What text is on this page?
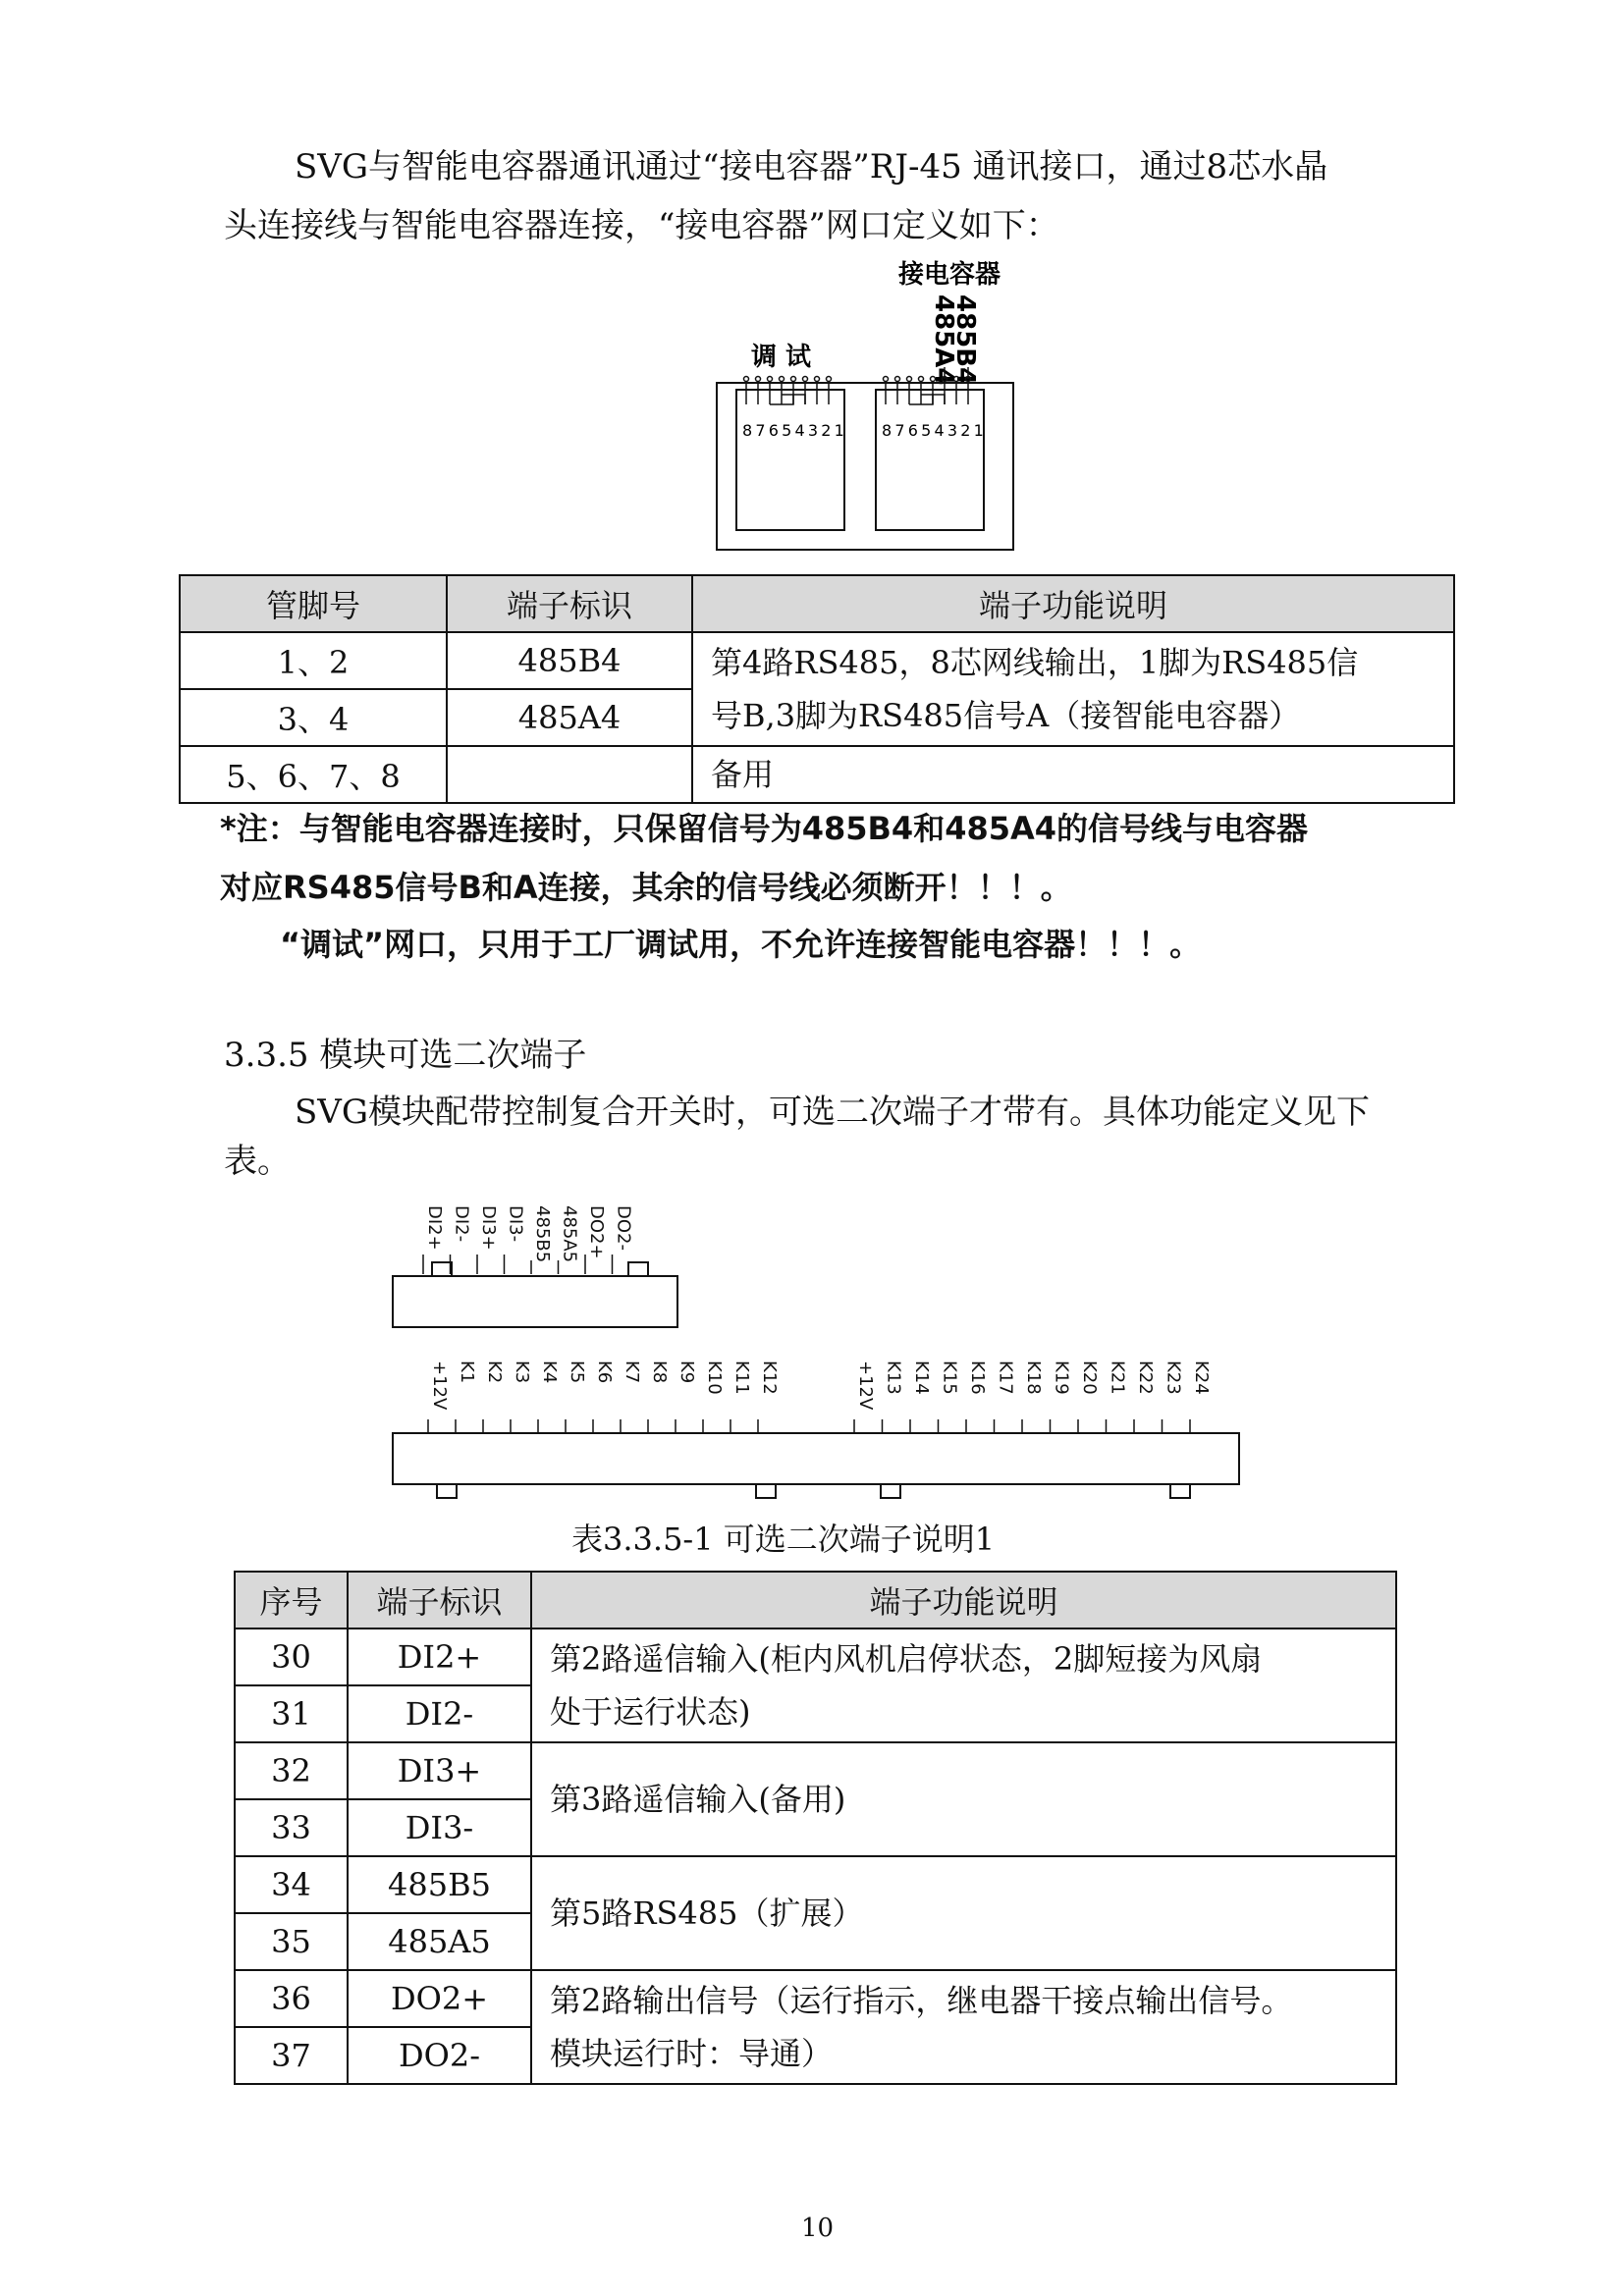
SVG与智能电容器通讯通过“接电容器”RJ-45 通讯接口，通过8芯水晶
头连接线与智能电容器连接，“接电容器”网口定义如下：
接电容器
485B4
485A4
调 试
87654321 87654321
管脚号	端子标识	端子功能说明
1、2	485B4	第4路RS485，8芯网线输出，1脚为RS485信
号B,3脚为RS485信号A（接智能电容器）
3、4	485A4	
5、6、7、8		备用
*注：与智能电容器连接时，只保留信号为485B4和485A4的信号线与电容器
对应RS485信号B和A连接，其余的信号线必须断开！！！。
“调试”网口，只用于工厂调试用，不允许连接智能电容器！！！。
3.3.5 模块可选二次端子
SVG模块配带控制复合开关时，可选二次端子才带有。具体功能定义见下
表。
DI2+ DI2- DI3+ DI3- 485B5 485A5 DO2+ DO2-
+12V K1 K2 K3 K4 K5 K6 K7 K8 K9 K10 K11 K12	+12V K13 K14 K15 K16 K17 K18 K19 K20 K21 K22 K23 K24
表3.3.5-1 可选二次端子说明1
序号	端子标识	端子功能说明
30	DI2+	第2路遥信输入(柜内风机启停状态，2脚短接为风扇
处于运行状态)
31	DI2-	
32	DI3+	第3路遥信输入(备用)
33	DI3-	
34	485B5	第5路RS485（扩展）
35	485A5	
36	DO2+	第2路输出信号（运行指示，继电器干接点输出信号。
模块运行时：导通）
37	DO2-	
10
